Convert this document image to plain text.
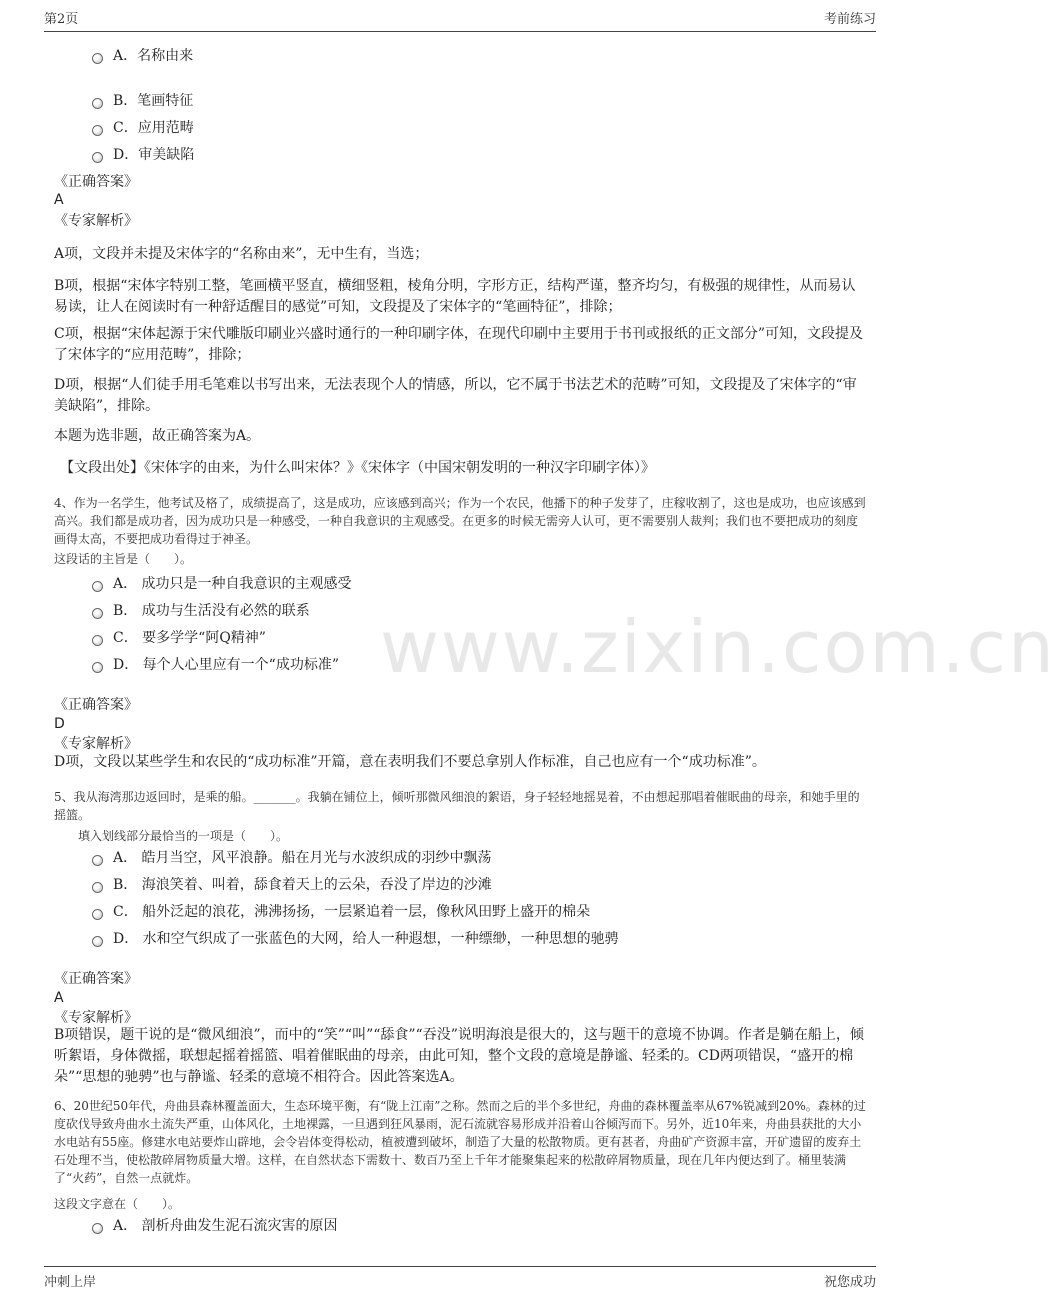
第2页	考前练习
www.zixin.com.cn
A．名称由来
B．笔画特征
C．应用范畴
D．审美缺陷
《正确答案》
A
《专家解析》
A项，文段并未提及宋体字的“名称由来”，无中生有，当选；
B项，根据“宋体字特别工整，笔画横平竖直，横细竖粗，棱角分明，字形方正，结构严谨，整齐均匀，有极强的规律性，从而易认易读，让人在阅读时有一种舒适醒目的感觉”可知，文段提及了宋体字的“笔画特征”，排除；
C项，根据“宋体起源于宋代雕版印刷业兴盛时通行的一种印刷字体，在现代印刷中主要用于书刊或报纸的正文部分”可知，文段提及了宋体字的“应用范畴”，排除；
D项，根据“人们徒手用毛笔难以书写出来，无法表现个人的情感，所以，它不属于书法艺术的范畴”可知，文段提及了宋体字的“审美缺陷”，排除。
本题为选非题，故正确答案为A。
【文段出处】《宋体字的由来，为什么叫宋体？》《宋体字（中国宋朝发明的一种汉字印刷字体）》
4、作为一名学生，他考试及格了，成绩提高了，这是成功，应该感到高兴；作为一个农民，他播下的种子发芽了，庄稼收割了，这也是成功，也应该感到高兴。我们都是成功者，因为成功只是一种感受，一种自我意识的主观感受。在更多的时候无需旁人认可，更不需要别人裁判；我们也不要把成功的刻度画得太高，不要把成功看得过于神圣。
这段话的主旨是（　　）。
A． 成功只是一种自我意识的主观感受
B． 成功与生活没有必然的联系
C． 要多学学“阿Q精神”
D． 每个人心里应有一个“成功标准”
《正确答案》
D
《专家解析》
D项，文段以某些学生和农民的“成功标准”开篇，意在表明我们不要总拿别人作标准，自己也应有一个“成功标准”。
5、我从海湾那边返回时，是乘的船。_______。我躺在铺位上，倾听那微风细浪的絮语，身子轻轻地摇晃着，不由想起那唱着催眠曲的母亲，和她手里的摇篮。
填入划线部分最恰当的一项是（　　）。
A． 皓月当空，风平浪静。船在月光与水波织成的羽纱中飘荡
B． 海浪笑着、叫着，舔食着天上的云朵，吞没了岸边的沙滩
C． 船外泛起的浪花，沸沸扬扬，一层紧追着一层，像秋风田野上盛开的棉朵
D． 水和空气织成了一张蓝色的大网，给人一种遐想，一种缥缈，一种思想的驰骋
《正确答案》
A
《专家解析》
B项错误，题干说的是“微风细浪”，而中的“笑”“叫”“舔食”“吞没”说明海浪是很大的，这与题干的意境不协调。作者是躺在船上，倾听絮语，身体微摇，联想起摇着摇篮、唱着催眠曲的母亲，由此可知，整个文段的意境是静谧、轻柔的。CD两项错误，“盛开的棉朵”“思想的驰骋”也与静谧、轻柔的意境不相符合。因此答案选A。
6、20世纪50年代，舟曲县森林覆盖面大，生态环境平衡，有“陇上江南”之称。然而之后的半个多世纪，舟曲的森林覆盖率从67%锐减到20%。森林的过度砍伐导致舟曲水土流失严重，山体风化，土地裸露，一旦遇到狂风暴雨，泥石流就容易形成并沿着山谷倾泻而下。另外，近10年来，舟曲县获批的大小水电站有55座。修建水电站要炸山辟地，会令岩体变得松动，植被遭到破坏，制造了大量的松散物质。更有甚者，舟曲矿产资源丰富，开矿遗留的废弃土石处理不当，使松散碎屑物质量大增。这样，在自然状态下需数十、数百乃至上千年才能聚集起来的松散碎屑物质量，现在几年内便达到了。桶里装满了“火药”，自然一点就炸。
这段文字意在（　　）。
A． 剖析舟曲发生泥石流灾害的原因
冲刺上岸	祝您成功
